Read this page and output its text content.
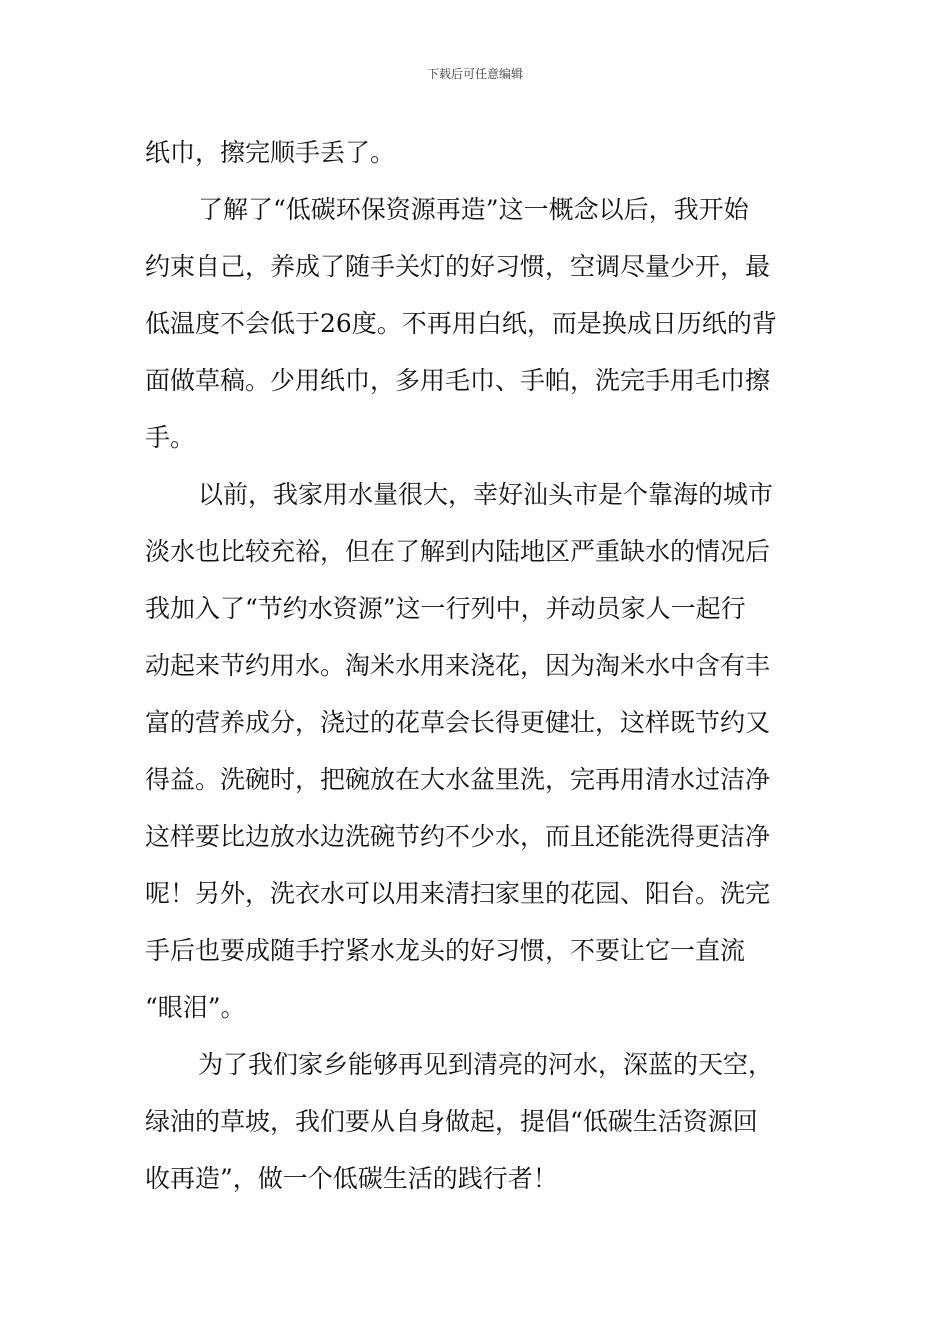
下载后可任意编辑
纸巾，擦完顺手丢了。
了解了“低碳环保资源再造”这一概念以后，我开始
约束自己，养成了随手关灯的好习惯，空调尽量少开，最
低温度不会低于26度。不再用白纸，而是换成日历纸的背
面做草稿。少用纸巾，多用毛巾、手帕，洗完手用毛巾擦
手。
以前，我家用水量很大，幸好汕头市是个靠海的城市
淡水也比较充裕，但在了解到内陆地区严重缺水的情况后
我加入了“节约水资源”这一行列中，并动员家人一起行
动起来节约用水。淘米水用来浇花，因为淘米水中含有丰
富的营养成分，浇过的花草会长得更健壮，这样既节约又
得益。洗碗时，把碗放在大水盆里洗，完再用清水过洁净
这样要比边放水边洗碗节约不少水，而且还能洗得更洁净
呢！另外，洗衣水可以用来清扫家里的花园、阳台。洗完
手后也要成随手拧紧水龙头的好习惯，不要让它一直流
“眼泪”。
为了我们家乡能够再见到清亮的河水，深蓝的天空，
绿油的草坡，我们要从自身做起，提倡“低碳生活资源回
收再造”，做一个低碳生活的践行者！
